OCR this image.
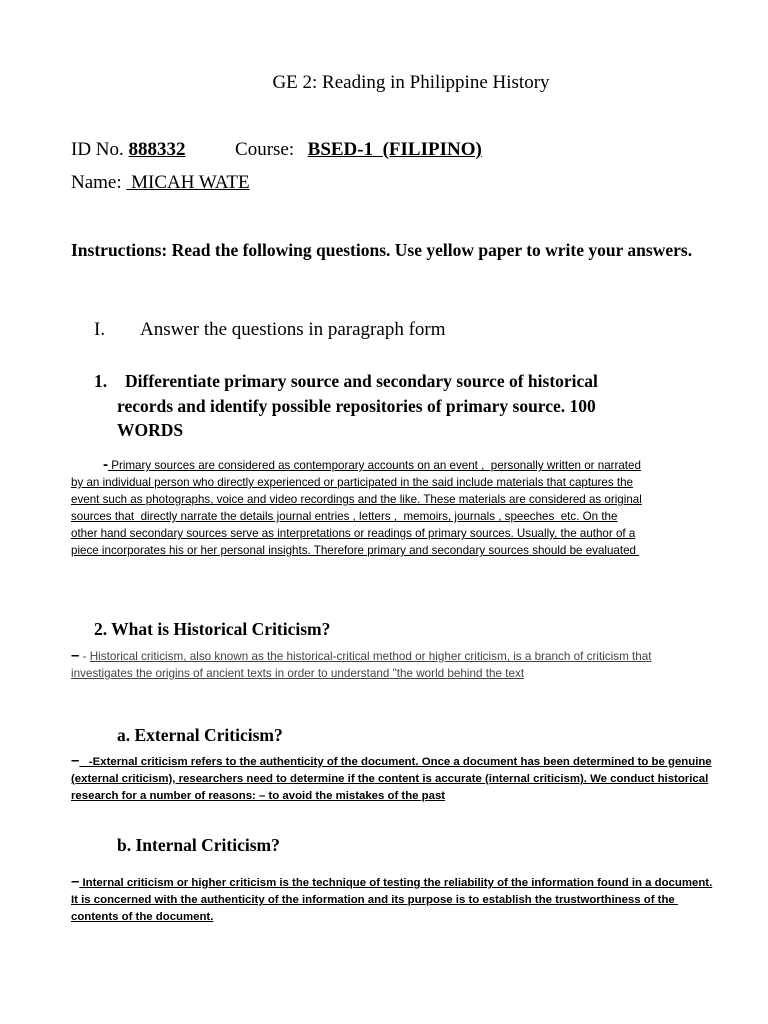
GE 2: Reading in Philippine History
ID No. 888332	Course: BSED-1  (FILIPINO)
Name:  MICAH WATE
Instructions: Read the following questions. Use yellow paper to write your answers.
I. Answer the questions in paragraph form
1.	Differentiate primary source and secondary source of historical
records and identify possible repositories of primary source. 100
WORDS
- Primary sources are considered as contemporary accounts on an event ,  personally written or narrated
by an individual person who directly experienced or participated in the said include materials that captures the
event such as photographs, voice and video recordings and the like. These materials are considered as original
sources that  directly narrate the details journal entries , letters ,  memoirs, journals , speeches  etc. On the
other hand secondary sources serve as interpretations or readings of primary sources. Usually, the author of a
piece incorporates his or her personal insights. Therefore primary and secondary sources should be evaluated
2. What is Historical Criticism?
– - Historical criticism, also known as the historical-critical method or higher criticism, is a branch of criticism that
investigates the origins of ancient texts in order to understand "the world behind the text
a. External Criticism?
–   -External criticism refers to the authenticity of the document. Once a document has been determined to be genuine
(external criticism), researchers need to determine if the content is accurate (internal criticism). We conduct historical
research for a number of reasons: – to avoid the mistakes of the past
b. Internal Criticism?
– Internal criticism or higher criticism is the technique of testing the reliability of the information found in a document.
It is concerned with the authenticity of the information and its purpose is to establish the trustworthiness of the
contents of the document.
